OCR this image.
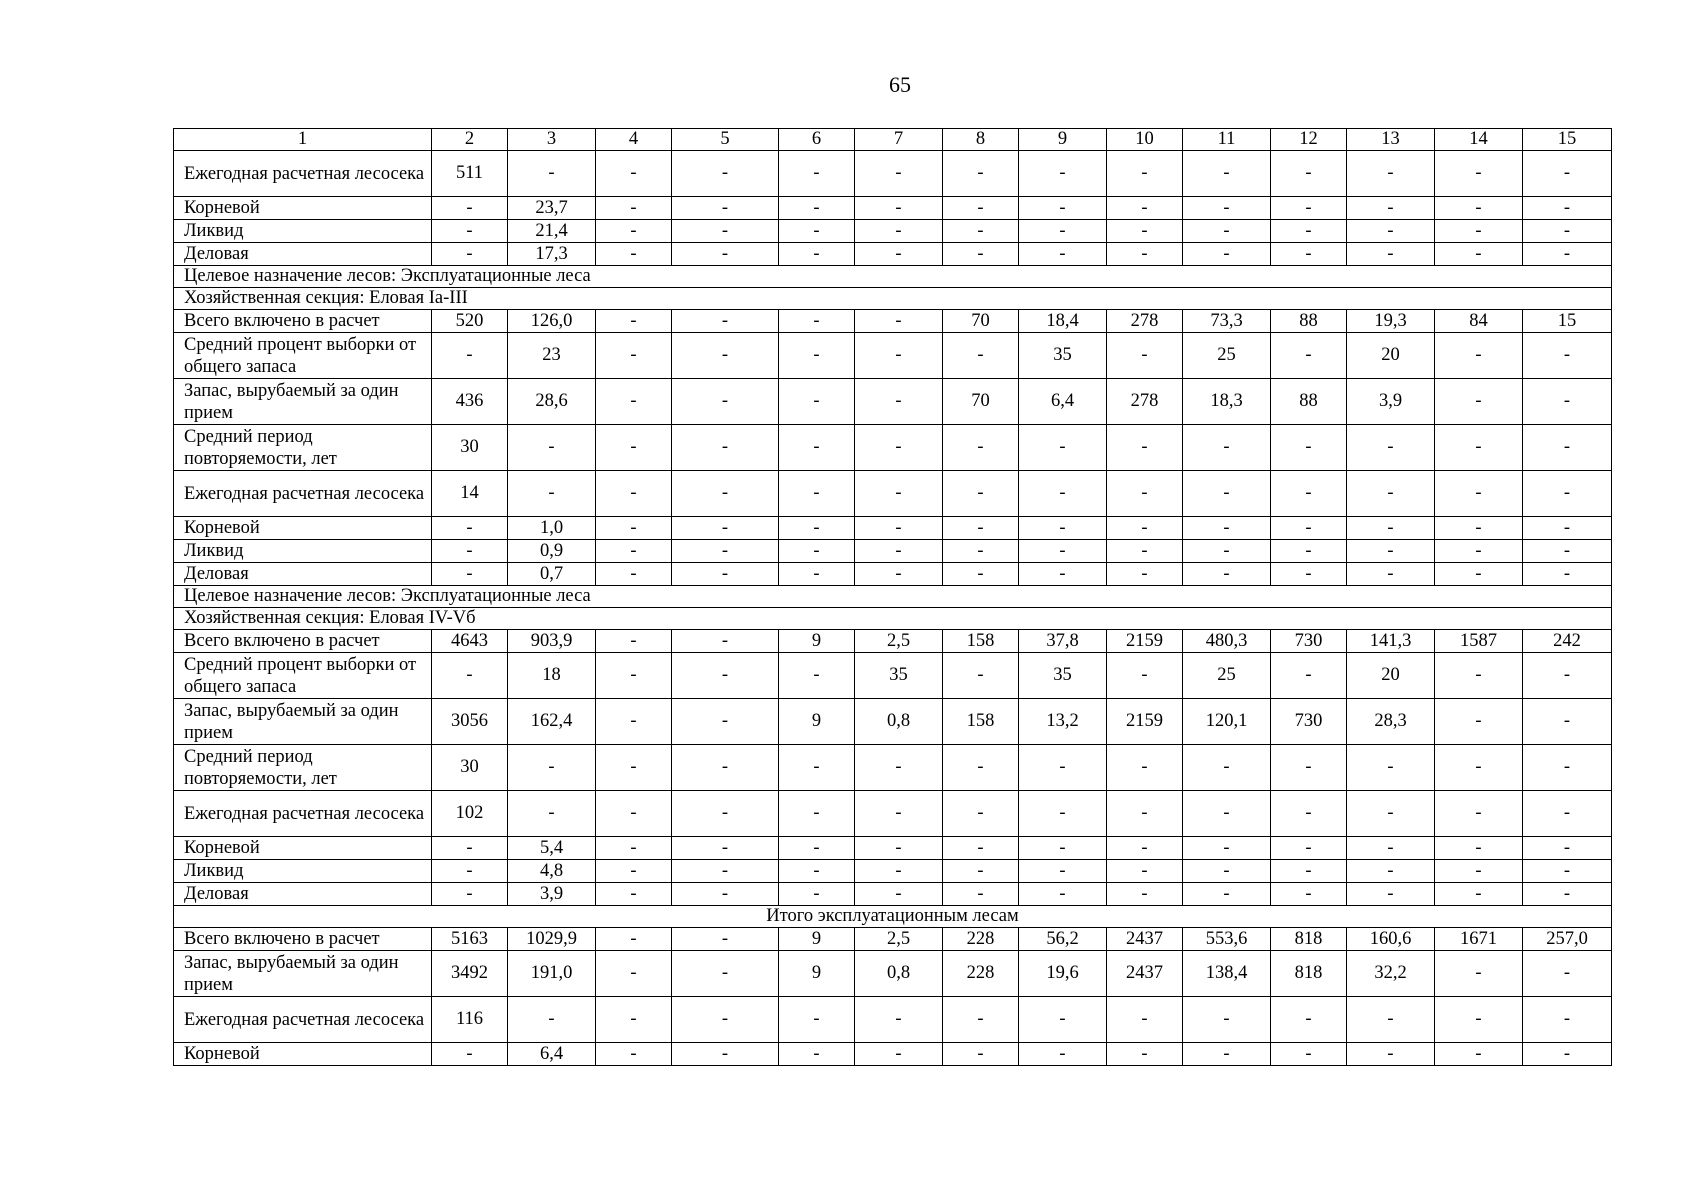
65
1	2	3	4	5	6	7	8	9	10	11	12	13	14	15
Ежегодная расчетная лесосека	511	-	-	-	-	-	-	-	-	-	-	-	-	-
Корневой	-	23,7	-	-	-	-	-	-	-	-	-	-	-	-
Ликвид	-	21,4	-	-	-	-	-	-	-	-	-	-	-	-
Деловая	-	17,3	-	-	-	-	-	-	-	-	-	-	-	-
Целевое назначение лесов: Эксплуатационные леса														
Хозяйственная секция: Еловая Ia-III														
Всего включено в расчет	520	126,0	-	-	-	-	70	18,4	278	73,3	88	19,3	84	15
Средний процент выборки от общего запаса	-	23	-	-	-	-	-	35	-	25	-	20	-	-
Запас, вырубаемый за один прием	436	28,6	-	-	-	-	70	6,4	278	18,3	88	3,9	-	-
Средний период повторяемости, лет	30	-	-	-	-	-	-	-	-	-	-	-	-	-
Ежегодная расчетная лесосека	14	-	-	-	-	-	-	-	-	-	-	-	-	-
Корневой	-	1,0	-	-	-	-	-	-	-	-	-	-	-	-
Ликвид	-	0,9	-	-	-	-	-	-	-	-	-	-	-	-
Деловая	-	0,7	-	-	-	-	-	-	-	-	-	-	-	-
Целевое назначение лесов: Эксплуатационные леса														
Хозяйственная секция: Еловая IV-Vб														
Всего включено в расчет	4643	903,9	-	-	9	2,5	158	37,8	2159	480,3	730	141,3	1587	242
Средний процент выборки от общего запаса	-	18	-	-	-	35	-	35	-	25	-	20	-	-
Запас, вырубаемый за один прием	3056	162,4	-	-	9	0,8	158	13,2	2159	120,1	730	28,3	-	-
Средний период повторяемости, лет	30	-	-	-	-	-	-	-	-	-	-	-	-	-
Ежегодная расчетная лесосека	102	-	-	-	-	-	-	-	-	-	-	-	-	-
Корневой	-	5,4	-	-	-	-	-	-	-	-	-	-	-	-
Ликвид	-	4,8	-	-	-	-	-	-	-	-	-	-	-	-
Деловая	-	3,9	-	-	-	-	-	-	-	-	-	-	-	-
Итого эксплуатационным лесам														
Всего включено в расчет	5163	1029,9	-	-	9	2,5	228	56,2	2437	553,6	818	160,6	1671	257,0
Запас, вырубаемый за один прием	3492	191,0	-	-	9	0,8	228	19,6	2437	138,4	818	32,2	-	-
Ежегодная расчетная лесосека	116	-	-	-	-	-	-	-	-	-	-	-	-	-
Корневой	-	6,4	-	-	-	-	-	-	-	-	-	-	-	-
